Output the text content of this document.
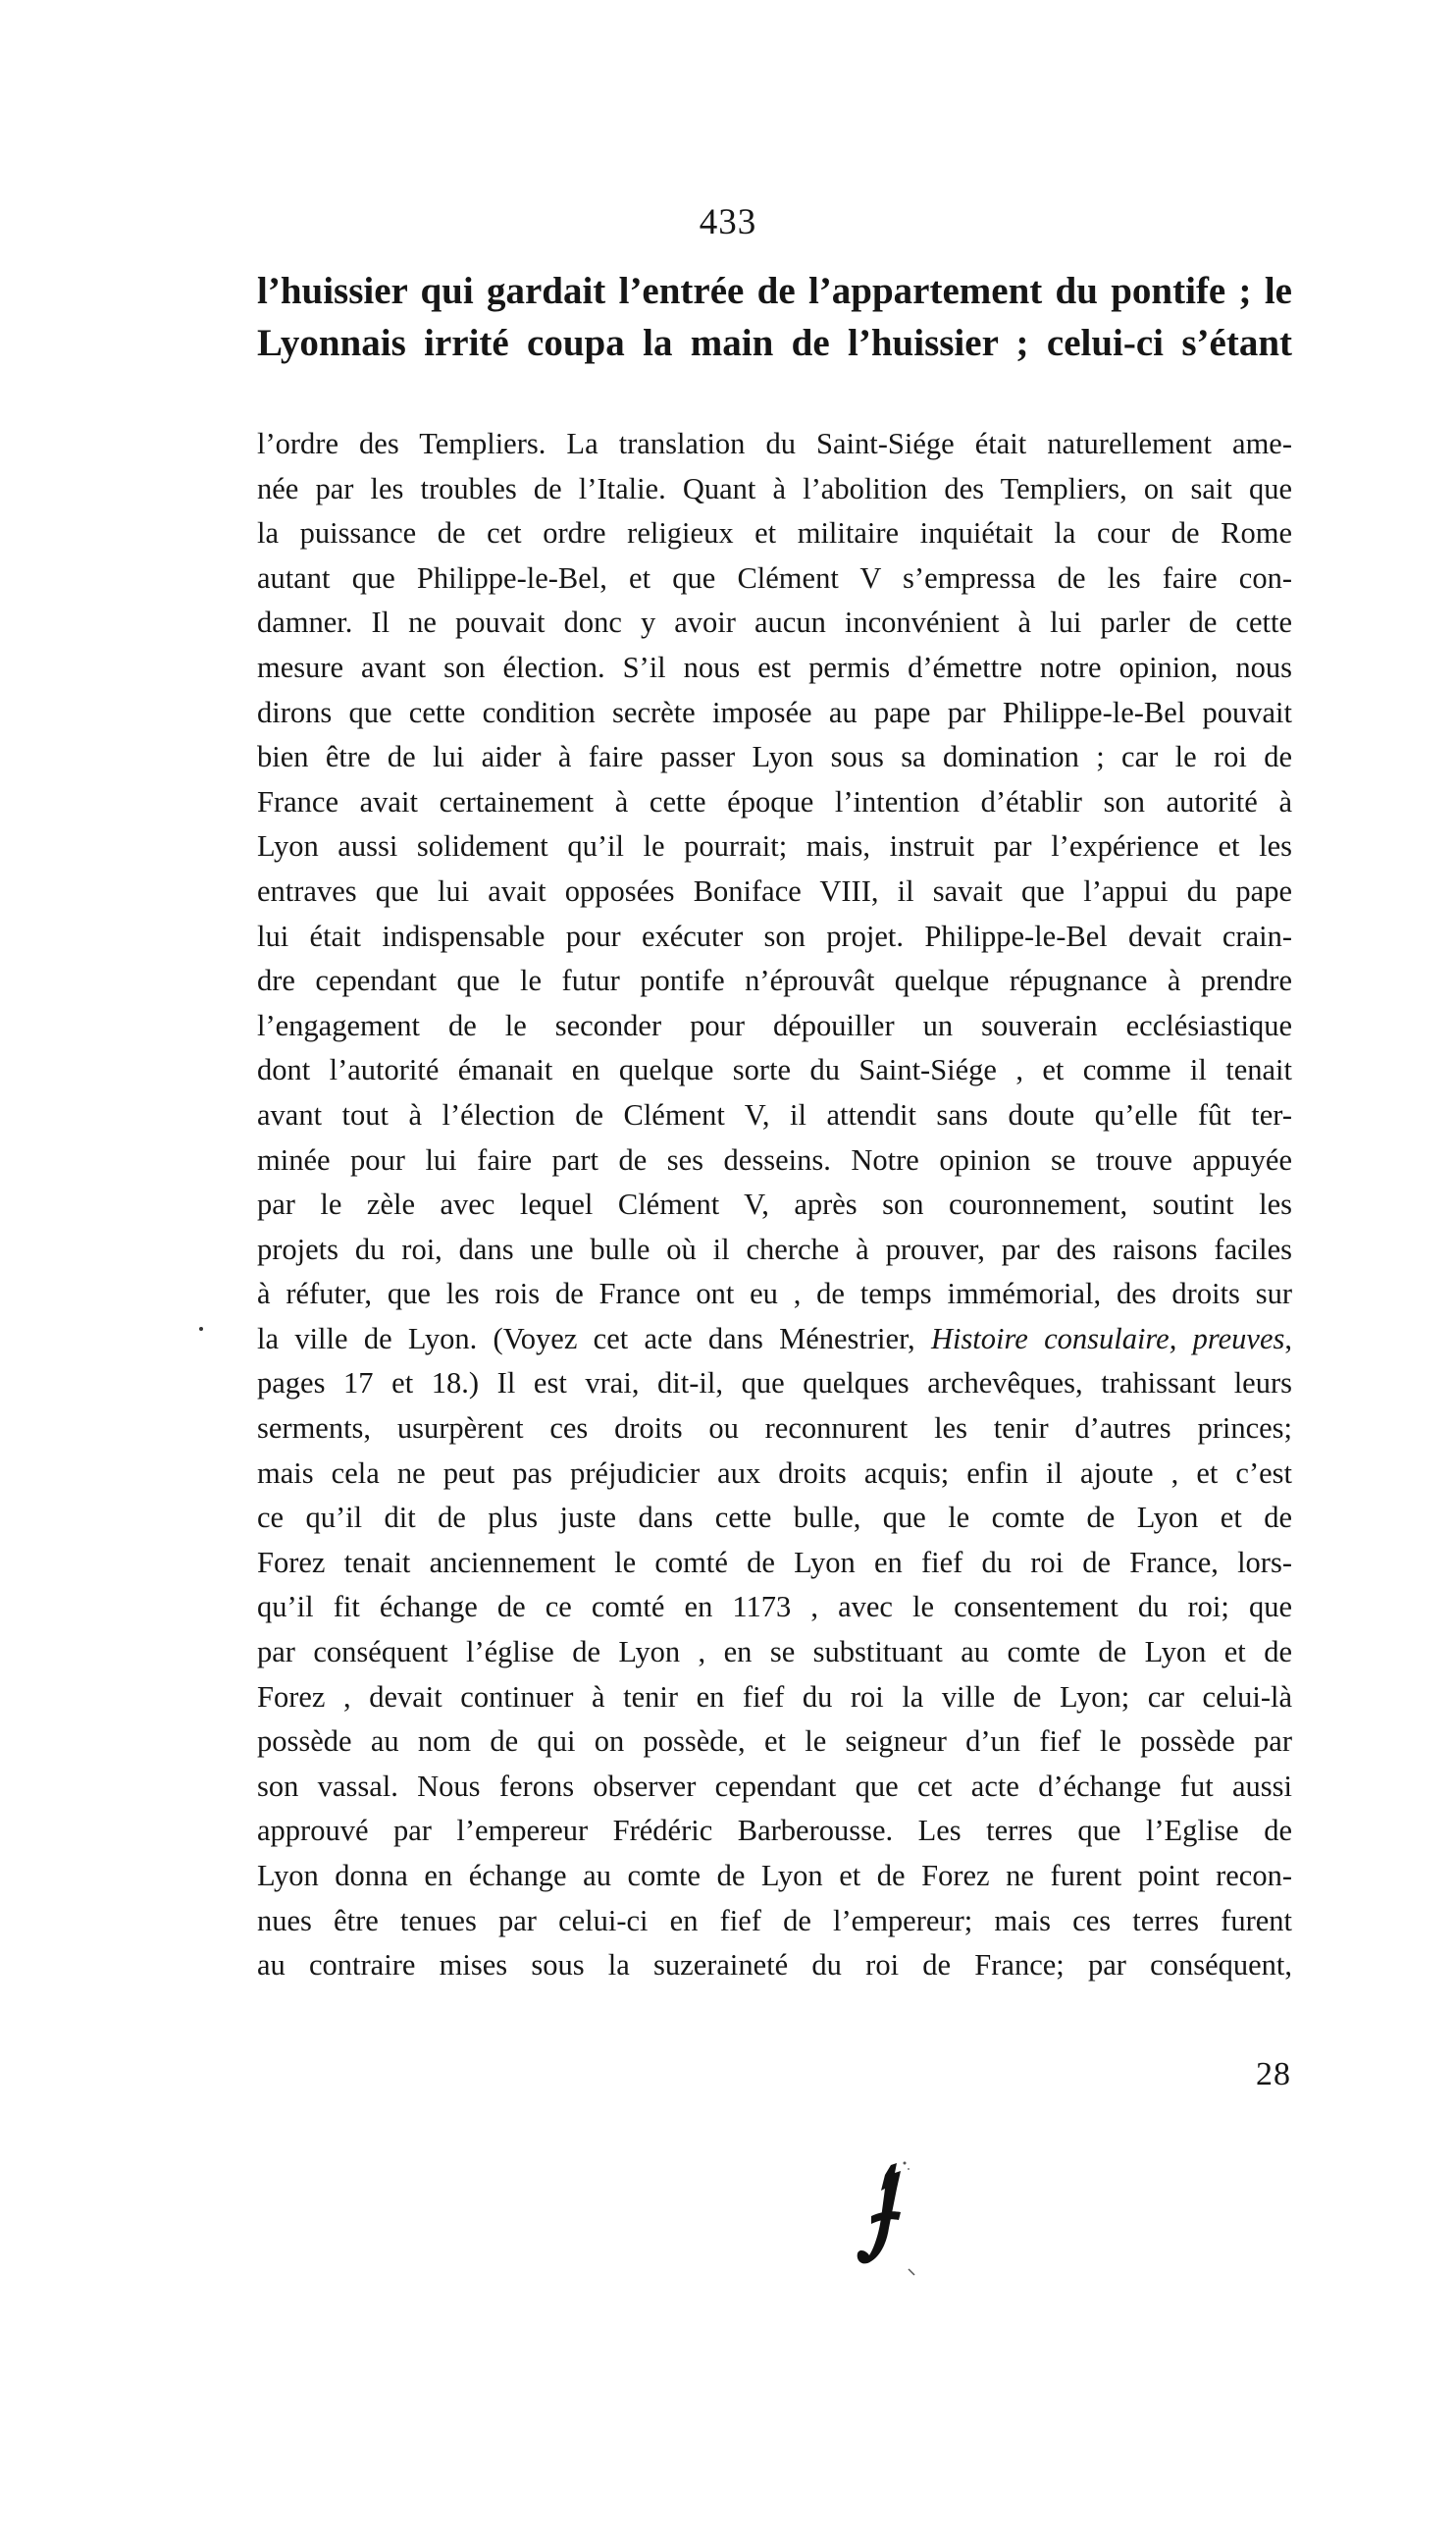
433
l’huissier qui gardait l’entrée de l’appartement du pontife ; le
Lyonnais irrité coupa la main de l’huissier ; celui-ci s’étant
l’ordre des Templiers. La translation du Saint-Siége était naturellement ame-
née par les troubles de l’Italie. Quant à l’abolition des Templiers, on sait que
la puissance de cet ordre religieux et militaire inquiétait la cour de Rome
autant que Philippe-le-Bel, et que Clément V s’empressa de les faire con-
damner. Il ne pouvait donc y avoir aucun inconvénient à lui parler de cette
mesure avant son élection. S’il nous est permis d’émettre notre opinion, nous
dirons que cette condition secrète imposée au pape par Philippe-le-Bel pouvait
bien être de lui aider à faire passer Lyon sous sa domination ; car le roi de
France avait certainement à cette époque l’intention d’établir son autorité à
Lyon aussi solidement qu’il le pourrait; mais, instruit par l’expérience et les
entraves que lui avait opposées Boniface VIII, il savait que l’appui du pape
lui était indispensable pour exécuter son projet. Philippe-le-Bel devait crain-
dre cependant que le futur pontife n’éprouvât quelque répugnance à prendre
l’engagement de le seconder pour dépouiller un souverain ecclésiastique
dont l’autorité émanait en quelque sorte du Saint-Siége , et comme il tenait
avant tout à l’élection de Clément V, il attendit sans doute qu’elle fût ter-
minée pour lui faire part de ses desseins. Notre opinion se trouve appuyée
par le zèle avec lequel Clément V, après son couronnement, soutint les
projets du roi, dans une bulle où il cherche à prouver, par des raisons faciles
à réfuter, que les rois de France ont eu , de temps immémorial, des droits sur
la ville de Lyon. (Voyez cet acte dans Ménestrier, Histoire consulaire, preuves,
pages 17 et 18.) Il est vrai, dit-il, que quelques archevêques, trahissant leurs
serments, usurpèrent ces droits ou reconnurent les tenir d’autres princes;
mais cela ne peut pas préjudicier aux droits acquis; enfin il ajoute , et c’est
ce qu’il dit de plus juste dans cette bulle, que le comte de Lyon et de
Forez tenait anciennement le comté de Lyon en fief du roi de France, lors-
qu’il fit échange de ce comté en 1173 , avec le consentement du roi; que
par conséquent l’église de Lyon , en se substituant au comte de Lyon et de
Forez , devait continuer à tenir en fief du roi la ville de Lyon; car celui-là
possède au nom de qui on possède, et le seigneur d’un fief le possède par
son vassal. Nous ferons observer cependant que cet acte d’échange fut aussi
approuvé par l’empereur Frédéric Barberousse. Les terres que l’Eglise de
Lyon donna en échange au comte de Lyon et de Forez ne furent point recon-
nues être tenues par celui-ci en fief de l’empereur; mais ces terres furent
au contraire mises sous la suzeraineté du roi de France; par conséquent,
28
